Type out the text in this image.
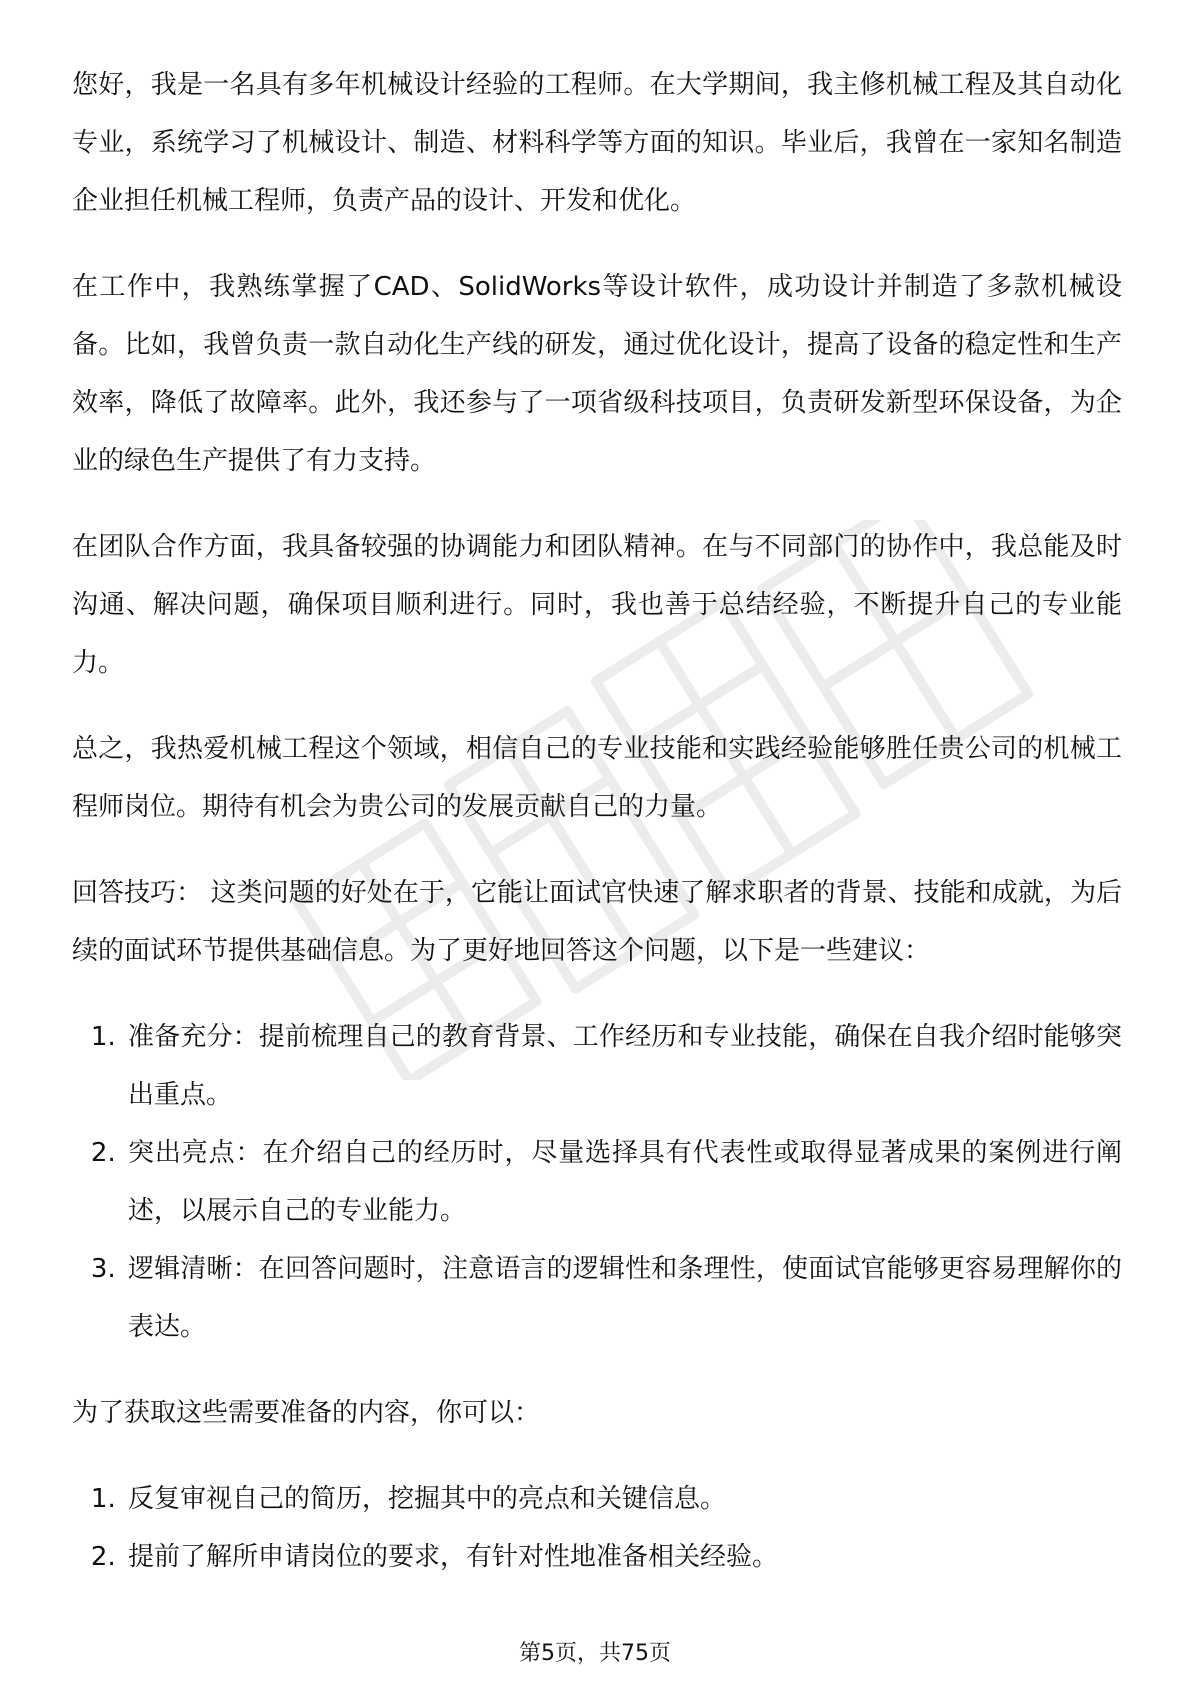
您好，我是一名具有多年机械设计经验的工程师。在大学期间，我主修机械工程及其自动化专业，系统学习了机械设计、制造、材料科学等方面的知识。毕业后，我曾在一家知名制造企业担任机械工程师，负责产品的设计、开发和优化。

在工作中，我熟练掌握了CAD、SolidWorks等设计软件，成功设计并制造了多款机械设备。比如，我曾负责一款自动化生产线的研发，通过优化设计，提高了设备的稳定性和生产效率，降低了故障率。此外，我还参与了一项省级科技项目，负责研发新型环保设备，为企业的绿色生产提供了有力支持。

在团队合作方面，我具备较强的协调能力和团队精神。在与不同部门的协作中，我总能及时沟通、解决问题，确保项目顺利进行。同时，我也善于总结经验，不断提升自己的专业能力。

总之，我热爱机械工程这个领域，相信自己的专业技能和实践经验能够胜任贵公司的机械工程师岗位。期待有机会为贵公司的发展贡献自己的力量。

回答技巧： 这类问题的好处在于，它能让面试官快速了解求职者的背景、技能和成就，为后续的面试环节提供基础信息。为了更好地回答这个问题，以下是一些建议：

1. 准备充分：提前梳理自己的教育背景、工作经历和专业技能，确保在自我介绍时能够突出重点。
2. 突出亮点：在介绍自己的经历时，尽量选择具有代表性或取得显著成果的案例进行阐述，以展示自己的专业能力。
3. 逻辑清晰：在回答问题时，注意语言的逻辑性和条理性，使面试官能够更容易理解你的表达。

为了获取这些需要准备的内容，你可以：

1. 反复审视自己的简历，挖掘其中的亮点和关键信息。
2. 提前了解所申请岗位的要求，有针对性地准备相关经验。
第5页，共75页
